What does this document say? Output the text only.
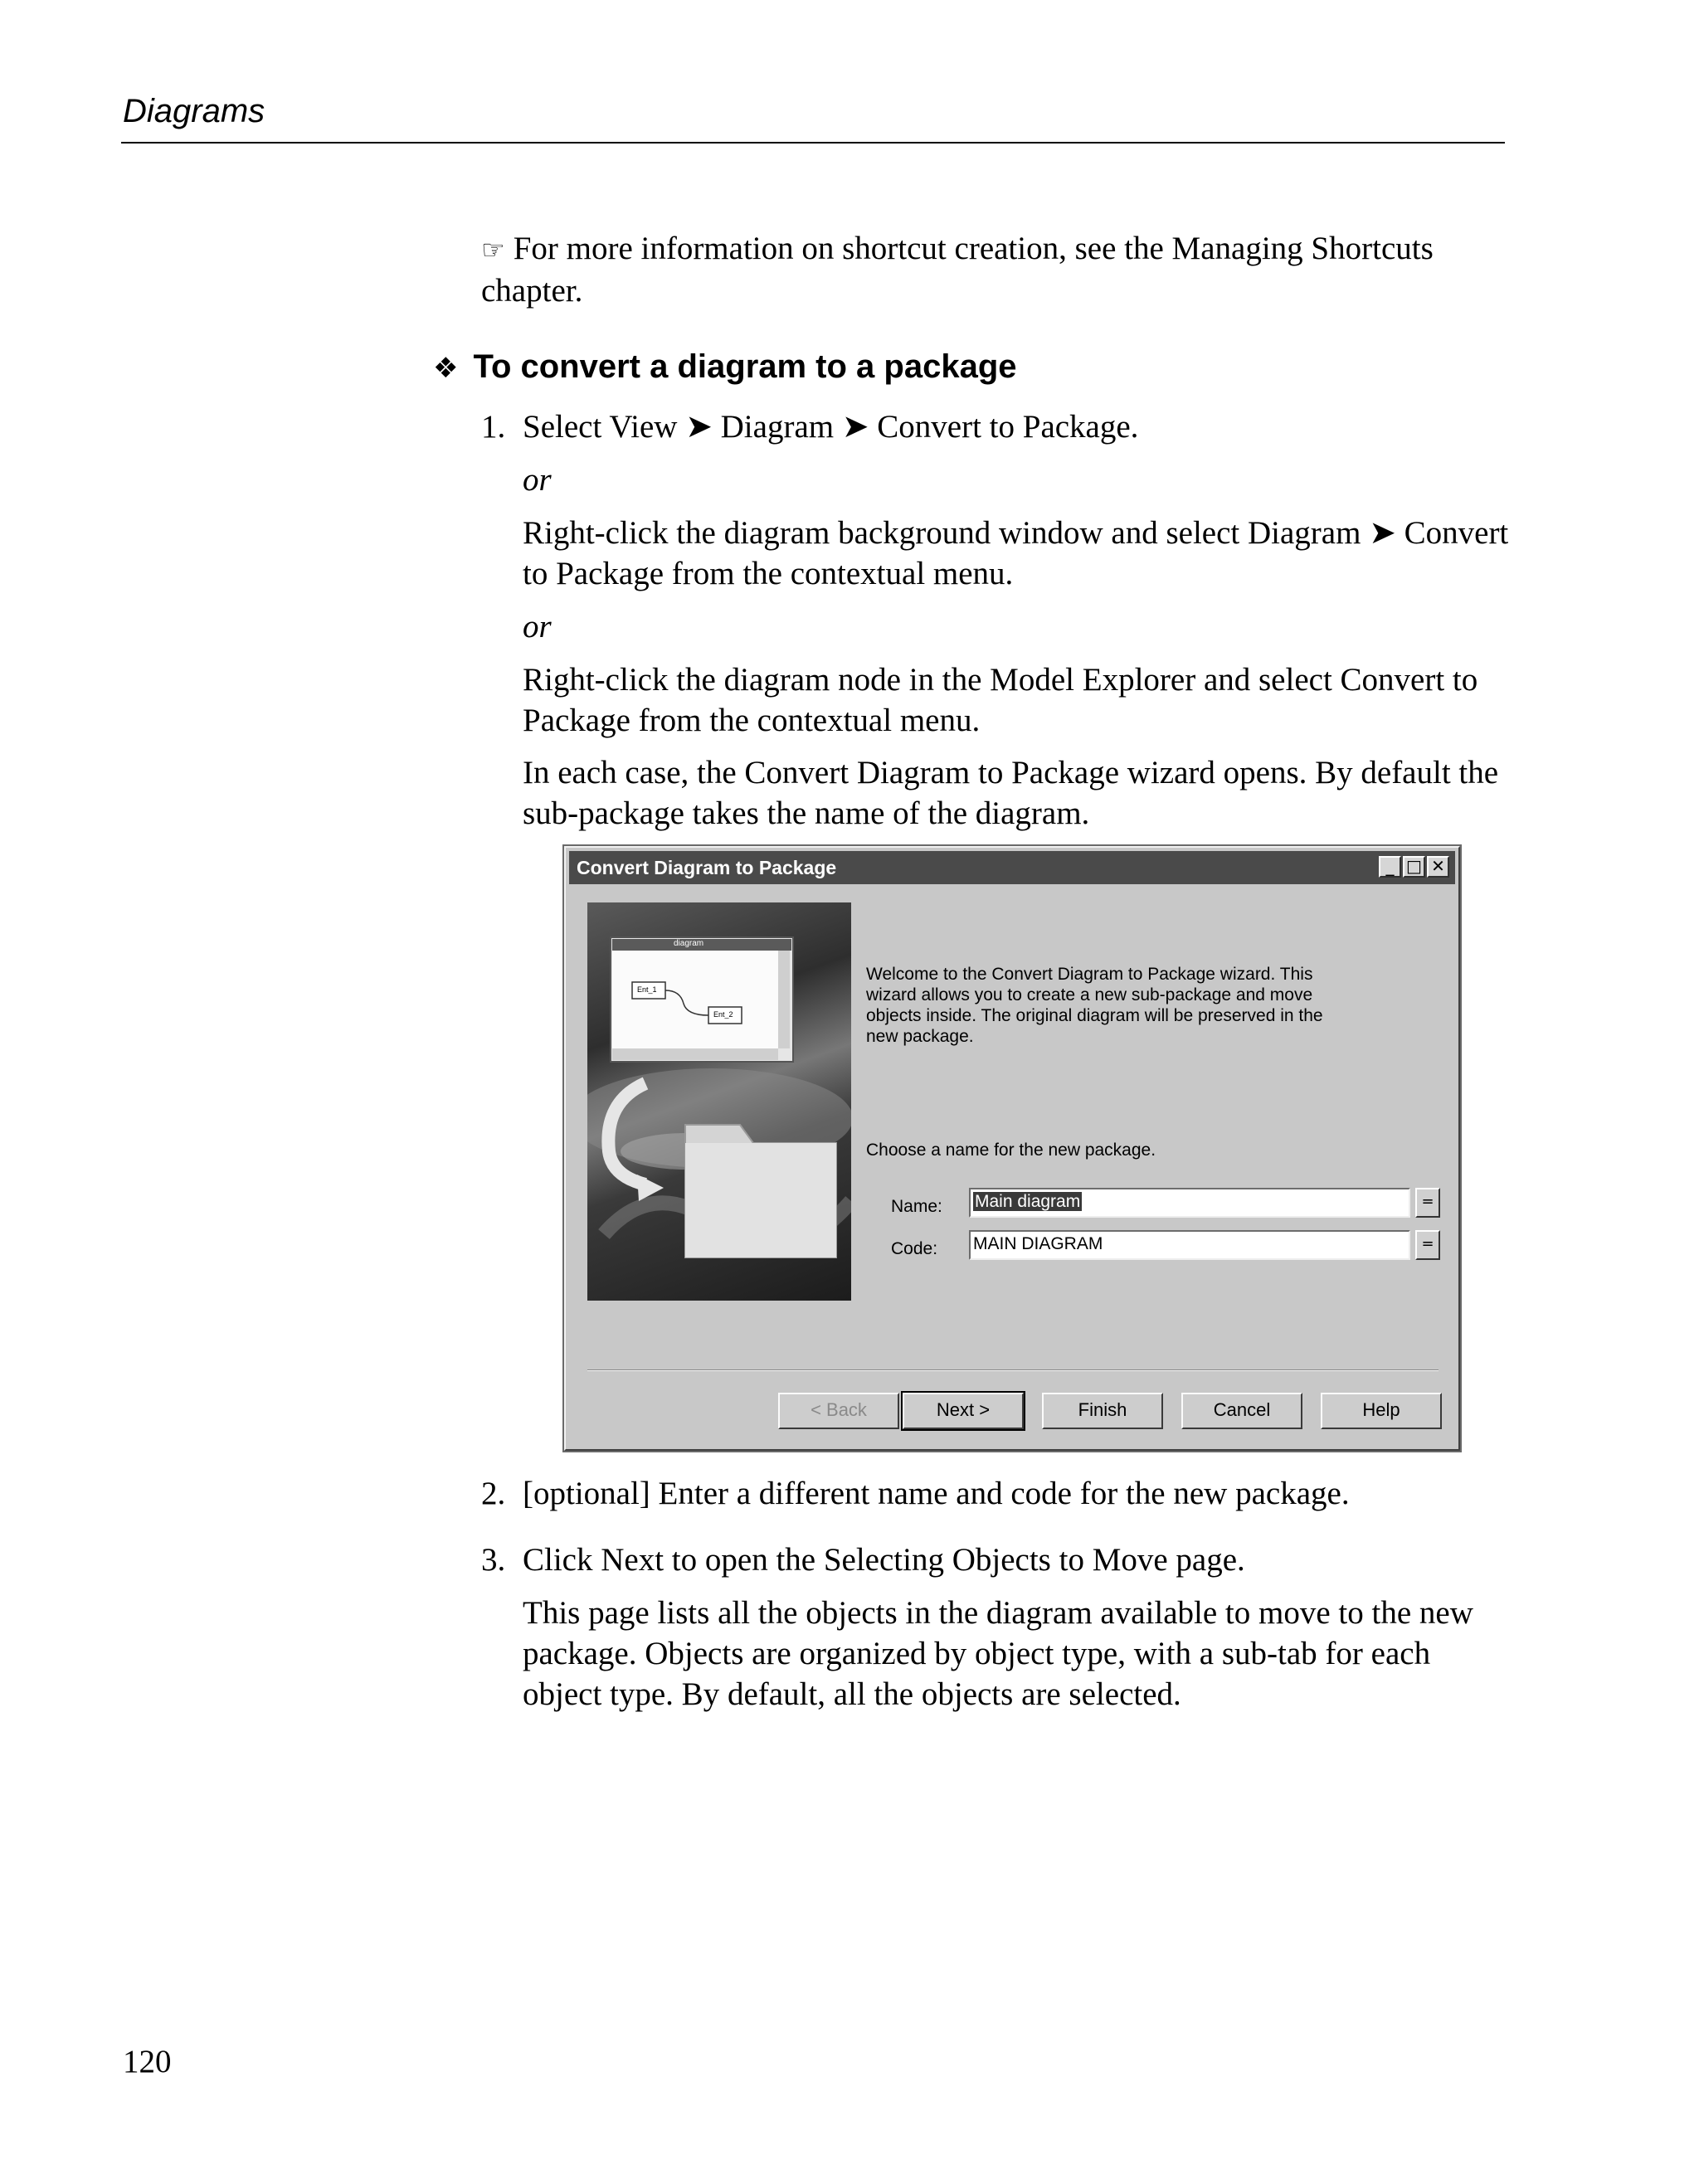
Diagrams
☞ For more information on shortcut creation, see the Managing Shortcuts chapter.
❖ To convert a diagram to a package
1. Select View ➤ Diagram ➤ Convert to Package.
or
Right-click the diagram background window and select Diagram ➤ Convert to Package from the contextual menu.
or
Right-click the diagram node in the Model Explorer and select Convert to Package from the contextual menu.
In each case, the Convert Diagram to Package wizard opens. By default the sub-package takes the name of the diagram.
Convert Diagram to Package	_ □ ✕
diagram
Ent_1
Ent_2
Welcome to the Convert Diagram to Package wizard. This wizard allows you to create a new sub-package and move objects inside. The original diagram will be preserved in the new package.
Choose a name for the new package.
Name:	Main diagram	=
Code: MAIN DIAGRAM	=
< Back	Next >	Finish	Cancel	Help
2. [optional] Enter a different name and code for the new package.
3. Click Next to open the Selecting Objects to Move page.
This page lists all the objects in the diagram available to move to the new package. Objects are organized by object type, with a sub-tab for each object type. By default, all the objects are selected.
120
